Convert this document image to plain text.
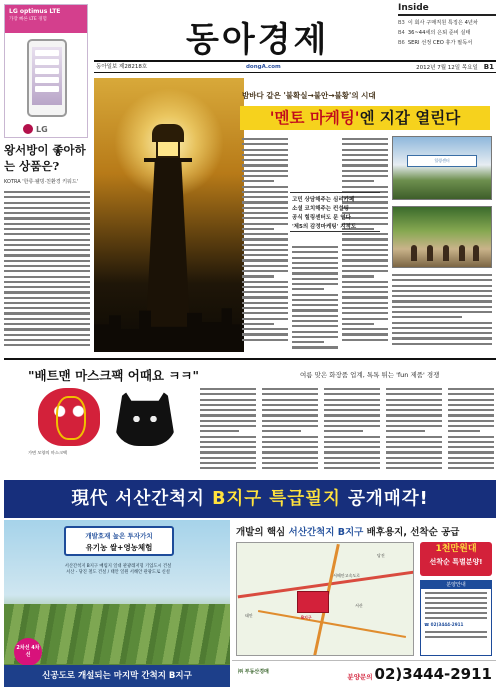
동아경제
Inside
B3 이 회사 구매직원 특징은 4년차
B4 36~44세의 은퇴 준비 실태
B6 SERI 선정 CEO 휴가 필독서
동아일보 제28218호	dongA.com	2012년 7월 12일 목요일 B1
LG optimus LTE
가장 빠른 LTE 경험
LG
왕서방이 좋아하는 상품은?
KOTRA '한류·웰빙·친환경 키워드'
밤바다 같은 '불확실→불안→불황'의 시대
'멘토 마케팅'엔 지갑 열린다
고민 상담해주는 심리카페
소셜 코치해주는 컨설팅
공식 힐링센터도 문 연다
'제5의 감정마케팅' 지적도
힐링센터
"배트맨 마스크팩 어때요 ㅋㅋ"	여름 맞은 화장품 업계, 톡톡 튀는 'fun 제품' 경쟁
가면 모양의 마스크팩
現代 서산간척지 B지구 특급필지 공개매각!
개발호재 높은 투자가치
유기농 쌀+영농체험
서산간척지 B지구 매립지 일대 관광레저형 기업도시 건설
서산 - 당진 철도 건설 / 태안 일원 서해안 관광도로 신설
2차선 4차선
신공도로 개설되는 마지막 간척지 B지구
개발의 핵심 서산간척지 B지구 배후용지, 선착순 공급
태안
서산
당진
B지구
서해안고속도로
1천만원대
선착순 특별분양!
분양안내
☎ 02)3444-2911
㈜ 부동산경매
분양문의 02)3444-2911
